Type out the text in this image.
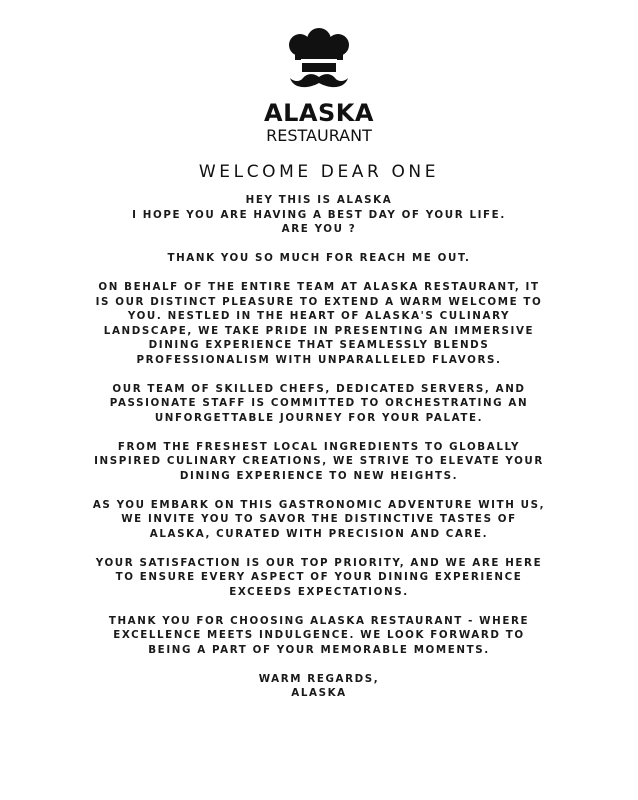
ALASKA
RESTAURANT
WELCOME DEAR ONE

HEY THIS IS ALASKA
I HOPE YOU ARE HAVING A BEST DAY OF YOUR LIFE.
ARE YOU ?

THANK YOU SO MUCH FOR REACH ME OUT.

ON BEHALF OF THE ENTIRE TEAM AT ALASKA RESTAURANT, IT IS OUR DISTINCT PLEASURE TO EXTEND A WARM WELCOME TO YOU. NESTLED IN THE HEART OF ALASKA'S CULINARY LANDSCAPE, WE TAKE PRIDE IN PRESENTING AN IMMERSIVE DINING EXPERIENCE THAT SEAMLESSLY BLENDS PROFESSIONALISM WITH UNPARALLELED FLAVORS.

OUR TEAM OF SKILLED CHEFS, DEDICATED SERVERS, AND PASSIONATE STAFF IS COMMITTED TO ORCHESTRATING AN UNFORGETTABLE JOURNEY FOR YOUR PALATE.

FROM THE FRESHEST LOCAL INGREDIENTS TO GLOBALLY INSPIRED CULINARY CREATIONS, WE STRIVE TO ELEVATE YOUR DINING EXPERIENCE TO NEW HEIGHTS.

AS YOU EMBARK ON THIS GASTRONOMIC ADVENTURE WITH US, WE INVITE YOU TO SAVOR THE DISTINCTIVE TASTES OF ALASKA, CURATED WITH PRECISION AND CARE.

YOUR SATISFACTION IS OUR TOP PRIORITY, AND WE ARE HERE TO ENSURE EVERY ASPECT OF YOUR DINING EXPERIENCE EXCEEDS EXPECTATIONS.

THANK YOU FOR CHOOSING ALASKA RESTAURANT - WHERE EXCELLENCE MEETS INDULGENCE. WE LOOK FORWARD TO BEING A PART OF YOUR MEMORABLE MOMENTS.

WARM REGARDS,
ALASKA
